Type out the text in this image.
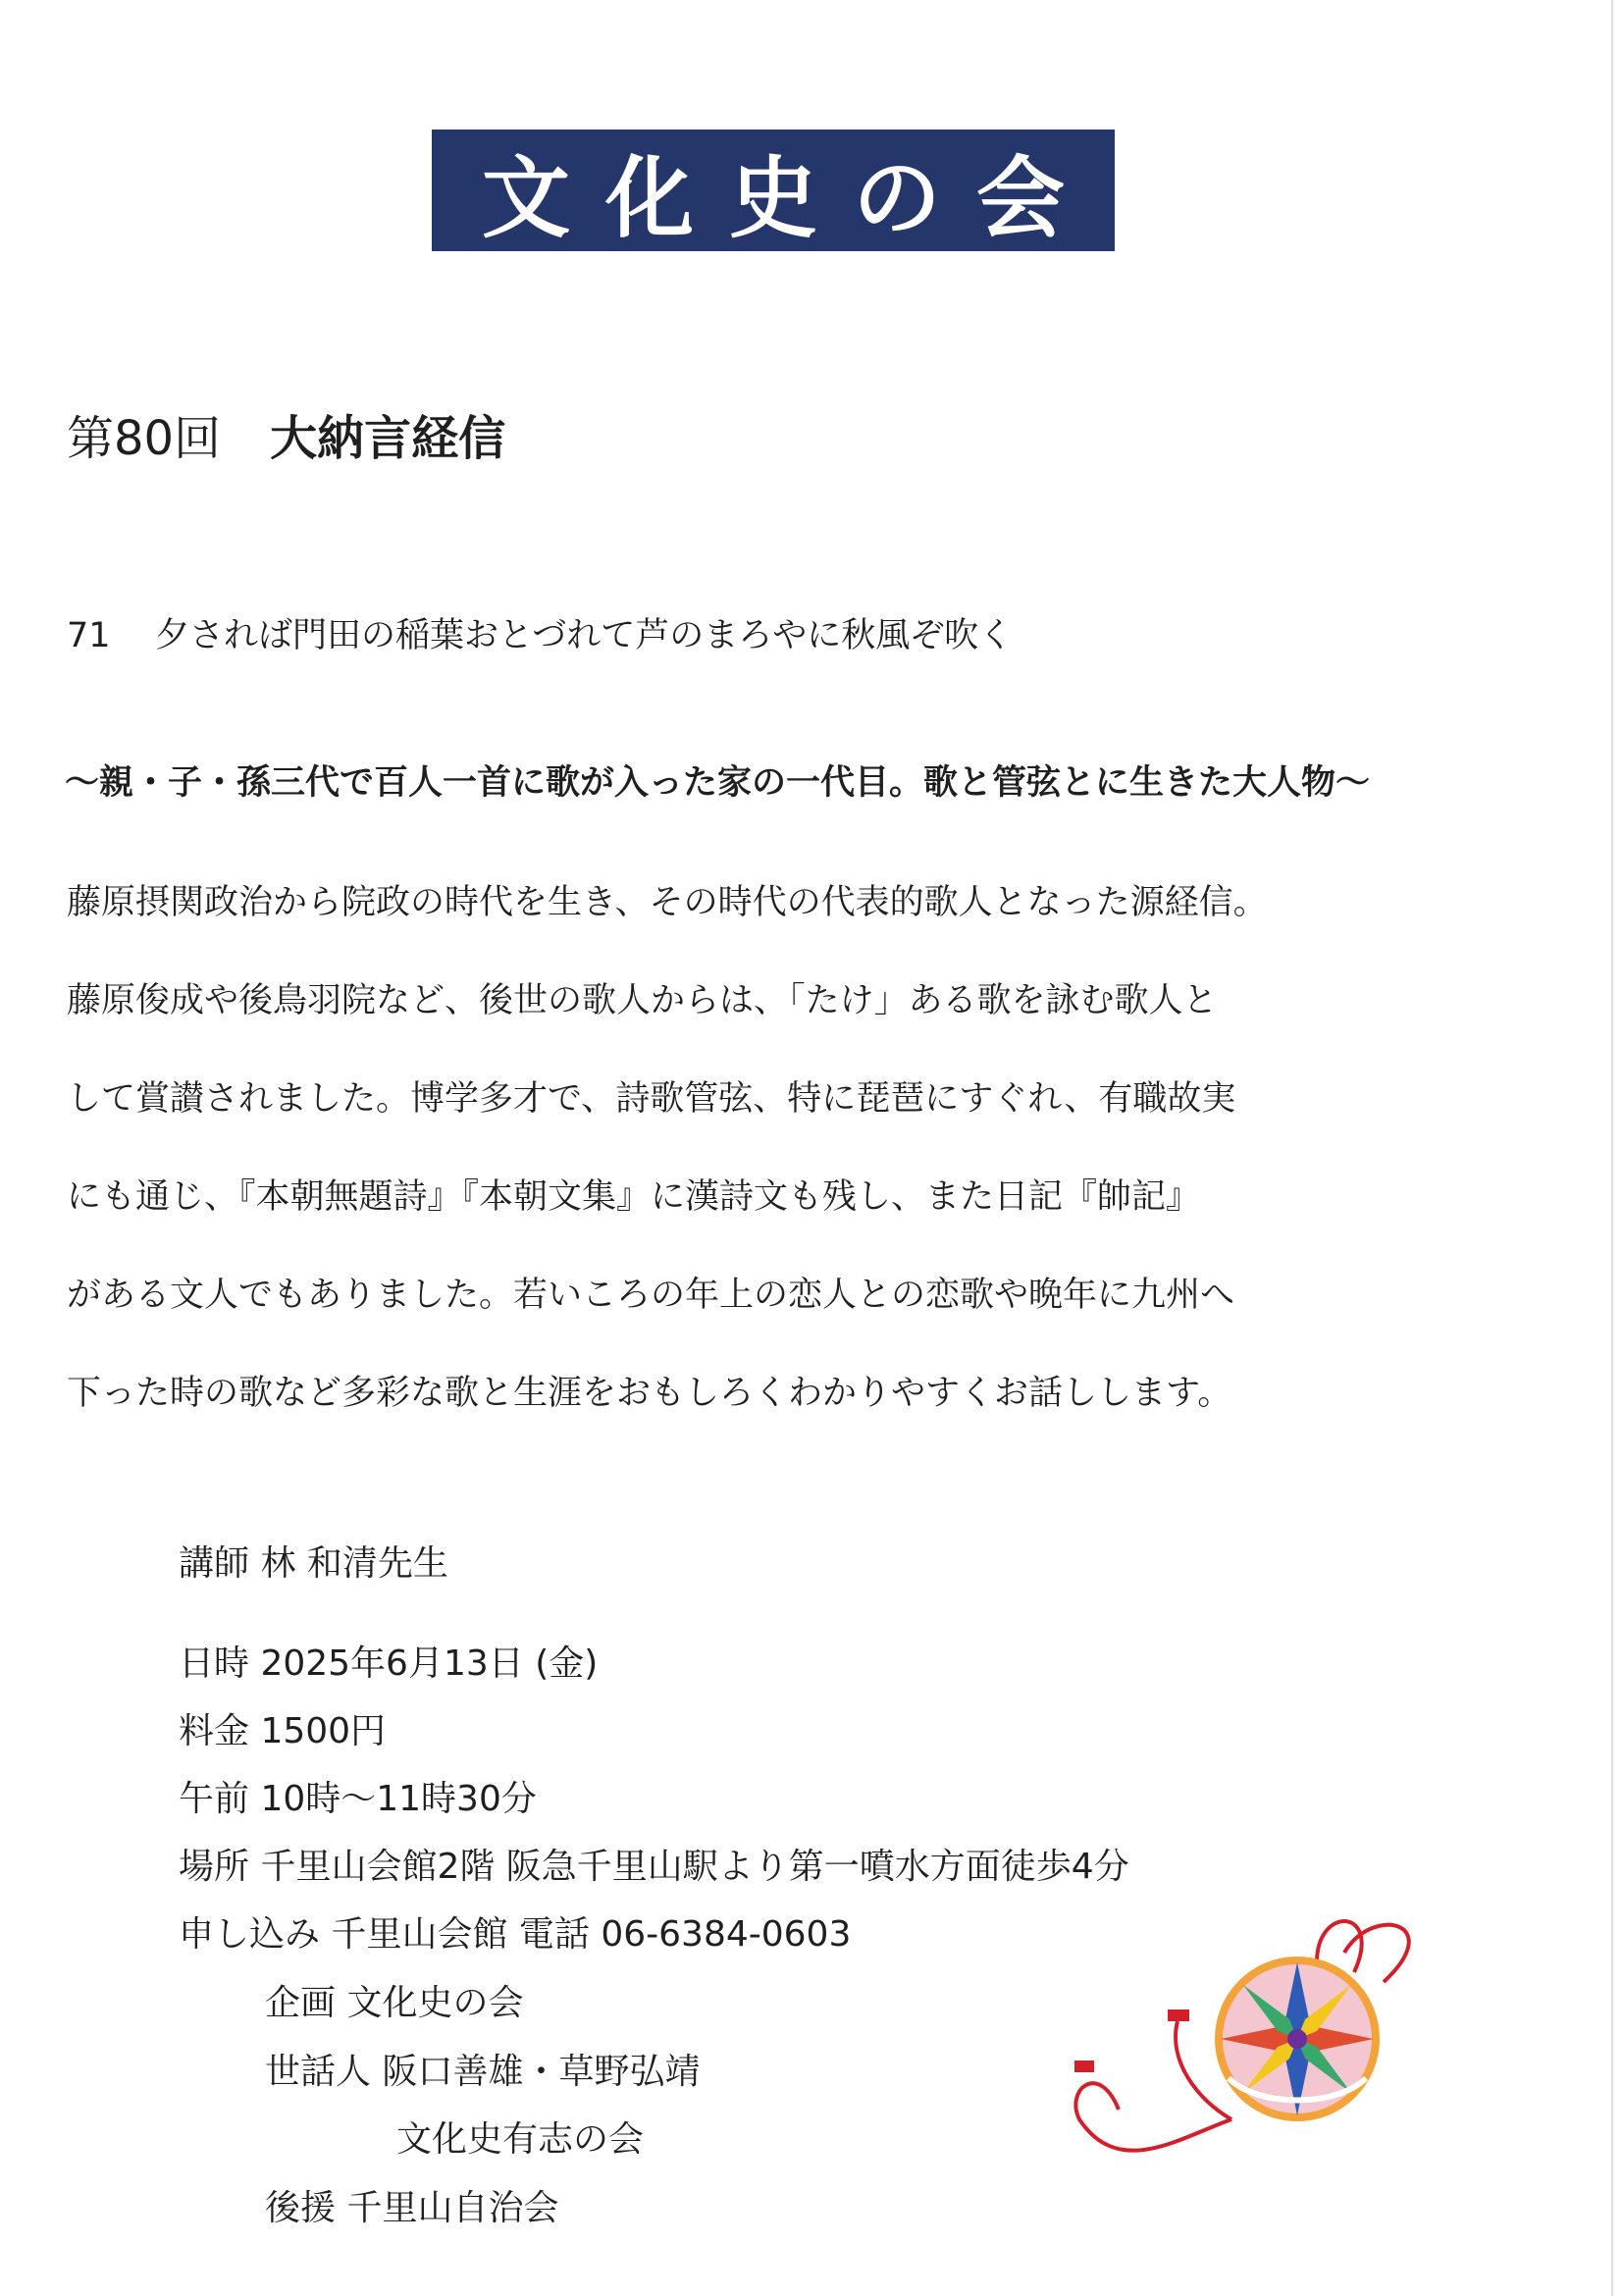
文化史の会
第80回 大納言経信
71 夕されば門田の稲葉おとづれて芦のまろやに秋風ぞ吹く
～親・子・孫三代で百人一首に歌が入った家の一代目。歌と管弦とに生きた大人物～

藤原摂関政治から院政の時代を生き、その時代の代表的歌人となった源経信。

藤原俊成や後鳥羽院など、後世の歌人からは、「たけ」ある歌を詠む歌人と

して賞讃されました。博学多才で、詩歌管弦、特に琵琶にすぐれ、有職故実

にも通じ、『本朝無題詩』『本朝文集』に漢詩文も残し、また日記『帥記』

がある文人でもありました。若いころの年上の恋人との恋歌や晩年に九州へ

下った時の歌など多彩な歌と生涯をおもしろくわかりやすくお話しします。

講師 林 和清先生
日時 2025年6月13日 (金)
料金 1500円
午前 10時～11時30分
場所 千里山会館2階 阪急千里山駅より第一噴水方面徒歩4分
申し込み 千里山会館 電話 06-6384-0603
企画 文化史の会
世話人 阪口善雄・草野弘靖
文化史有志の会
後援 千里山自治会
